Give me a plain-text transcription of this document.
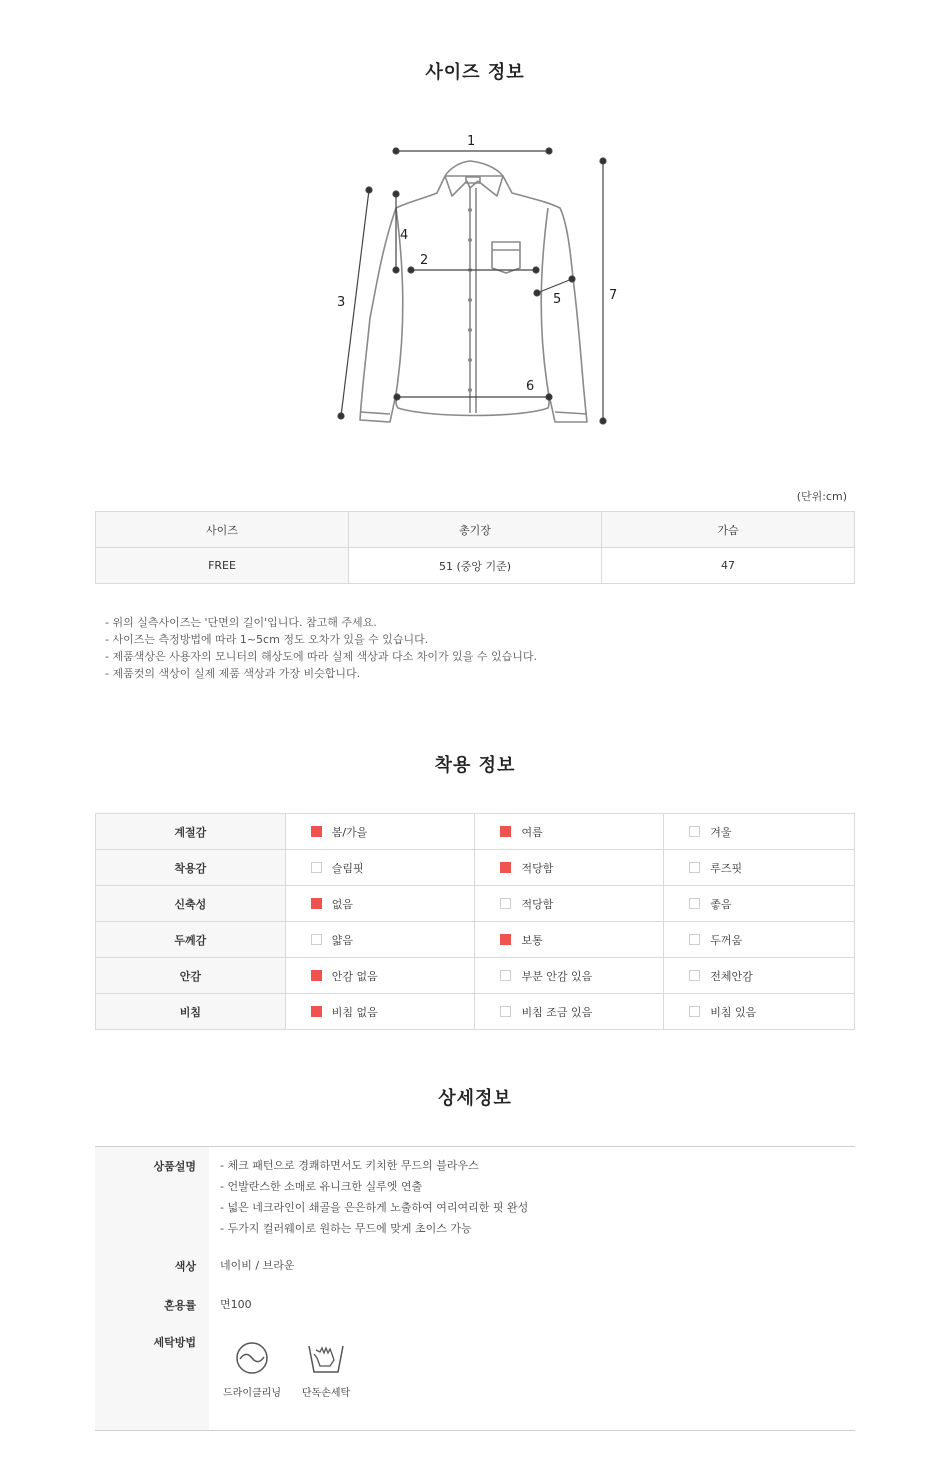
사이즈 정보
1
2
3
4
5
6
7
(단위:cm)
사이즈	총기장	가슴
FREE	51 (중앙 기준)	47
- 위의 실측사이즈는 '단면의 길이'입니다. 참고해 주세요.
- 사이즈는 측정방법에 따라 1~5cm 정도 오차가 있을 수 있습니다.
- 제품색상은 사용자의 모니터의 해상도에 따라 실제 색상과 다소 차이가 있을 수 있습니다.
- 제품컷의 색상이 실제 제품 색상과 가장 비슷합니다.
착용 정보
계절감	봄/가을	여름	겨울
착용감	슬림핏	적당함	루즈핏
신축성	없음	적당함	좋음
두께감	얇음	보통	두꺼움
안감	안감 없음	부분 안감 있음	전체안감
비침	비침 없음	비침 조금 있음	비침 있음
상세정보
상품설명 - 체크 패턴으로 경쾌하면서도 키치한 무드의 블라우스
- 언발란스한 소매로 유니크한 실루엣 연출
- 넓은 네크라인이 쇄골을 은은하게 노출하여 여리여리한 핏 완성
- 두가지 컬러웨이로 원하는 무드에 맞게 초이스 가능
색상 네이비 / 브라운
혼용률 면100
세탁방법
드라이클리닝	단독손세탁
